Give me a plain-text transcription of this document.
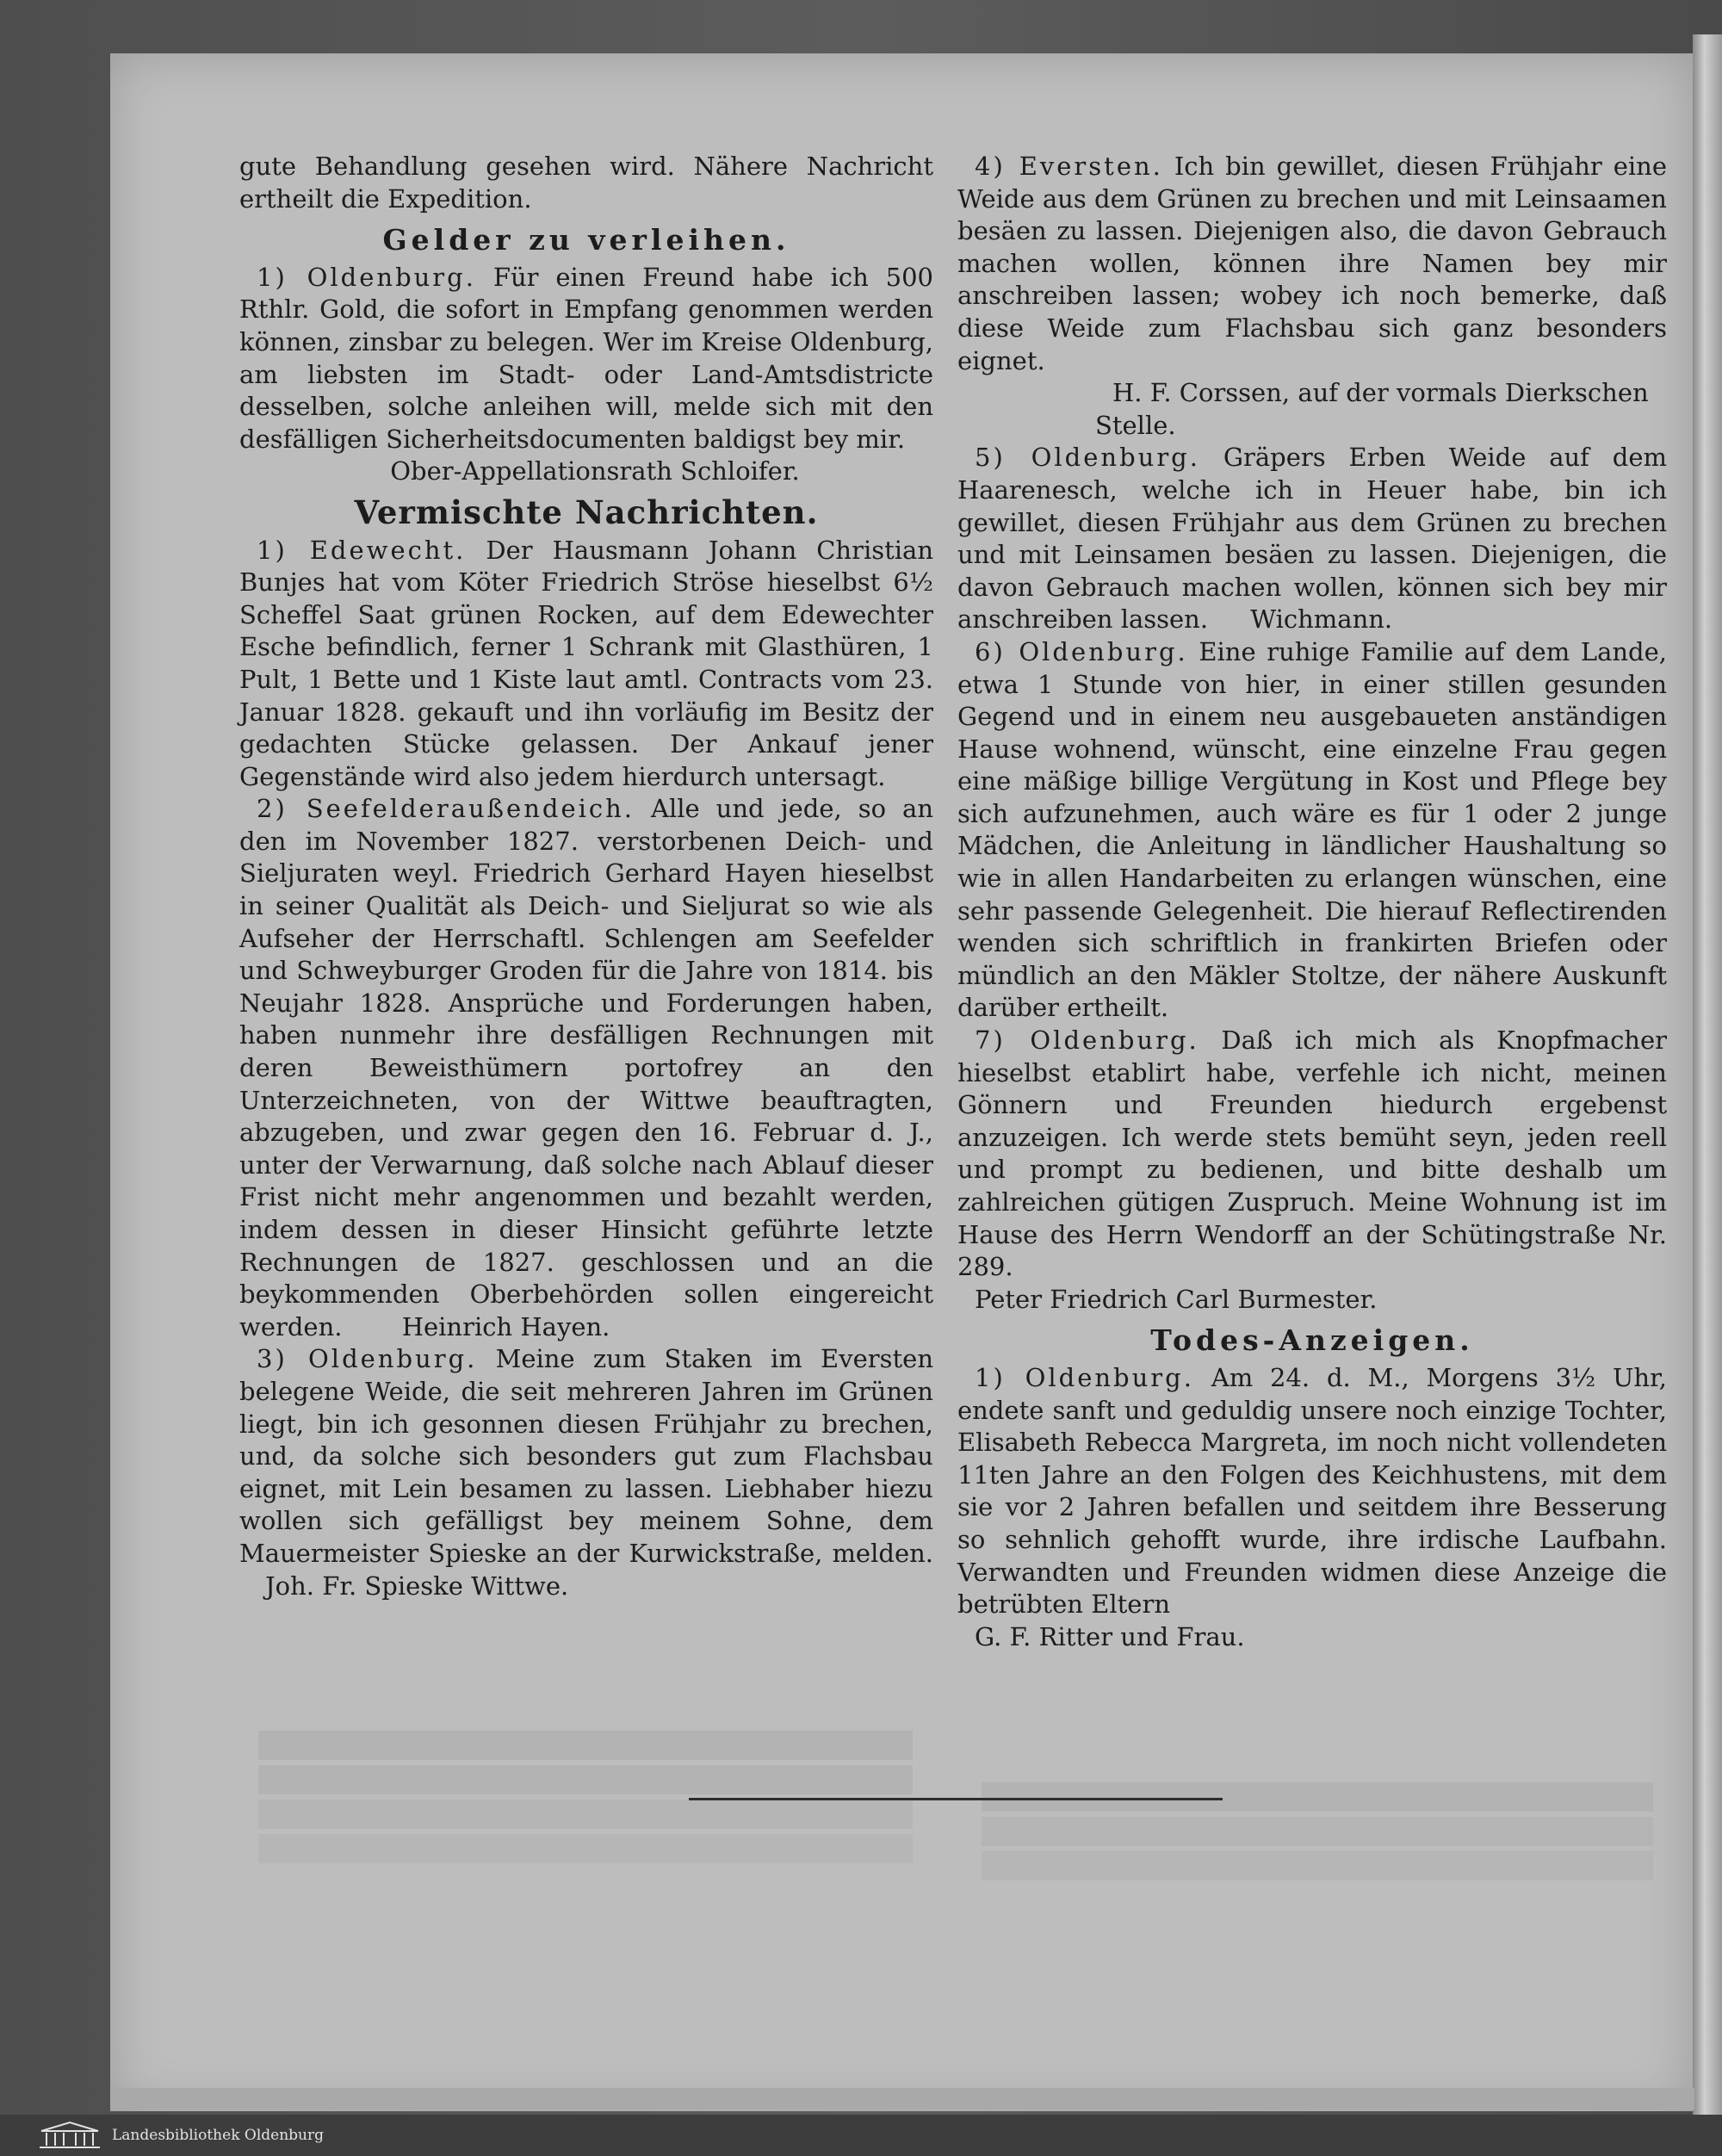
gute Behandlung gesehen wird. Nähere Nachricht ertheilt die Expedition.

Gelder zu verleihen.

1) Oldenburg. Für einen Freund habe ich 500 Rthlr. Gold, die sofort in Empfang genommen werden können, zinsbar zu belegen. Wer im Kreise Oldenburg, am liebsten im Stadt- oder Land-Amtsdistricte desselben, solche anleihen will, melde sich mit den desfälligen Sicherheitsdocumenten baldigst bey mir.

Ober-Appellationsrath Schloifer.

Vermischte Nachrichten.

1) Edewecht. Der Hausmann Johann Christian Bunjes hat vom Köter Friedrich Ströse hieselbst 6½ Scheffel Saat grünen Rocken, auf dem Edewechter Esche befindlich, ferner 1 Schrank mit Glasthüren, 1 Pult, 1 Bette und 1 Kiste laut amtl. Contracts vom 23. Januar 1828. gekauft und ihn vorläufig im Besitz der gedachten Stücke gelassen. Der Ankauf jener Gegenstände wird also jedem hierdurch untersagt.

2) Seefelderaußendeich. Alle und jede, so an den im November 1827. verstorbenen Deich- und Sieljuraten weyl. Friedrich Gerhard Hayen hieselbst in seiner Qualität als Deich- und Sieljurat so wie als Aufseher der Herrschaftl. Schlengen am Seefelder und Schweyburger Groden für die Jahre von 1814. bis Neujahr 1828. Ansprüche und Forderungen haben, haben nunmehr ihre desfälligen Rechnungen mit deren Beweisthümern portofrey an den Unterzeichneten, von der Wittwe beauftragten, abzugeben, und zwar gegen den 16. Februar d. J., unter der Verwarnung, daß solche nach Ablauf dieser Frist nicht mehr angenommen und bezahlt werden, indem dessen in dieser Hinsicht geführte letzte Rechnungen de 1827. geschlossen und an die beykommenden Oberbehörden sollen eingereicht werden. Heinrich Hayen.

3) Oldenburg. Meine zum Staken im Eversten belegene Weide, die seit mehreren Jahren im Grünen liegt, bin ich gesonnen diesen Frühjahr zu brechen, und, da solche sich besonders gut zum Flachsbau eignet, mit Lein besamen zu lassen. Liebhaber hiezu wollen sich gefälligst bey meinem Sohne, dem Mauermeister Spieske an der Kurwickstraße, melden. Joh. Fr. Spieske Wittwe.

4) Eversten. Ich bin gewillet, diesen Frühjahr eine Weide aus dem Grünen zu brechen und mit Leinsaamen besäen zu lassen. Diejenigen also, die davon Gebrauch machen wollen, können ihre Namen bey mir anschreiben lassen; wobey ich noch bemerke, daß diese Weide zum Flachsbau sich ganz besonders eignet.

H. F. Corssen, auf der vormals Dierkschen Stelle.

5) Oldenburg. Gräpers Erben Weide auf dem Haarenesch, welche ich in Heuer habe, bin ich gewillet, diesen Frühjahr aus dem Grünen zu brechen und mit Leinsamen besäen zu lassen. Diejenigen, die davon Gebrauch machen wollen, können sich bey mir anschreiben lassen. Wichmann.

6) Oldenburg. Eine ruhige Familie auf dem Lande, etwa 1 Stunde von hier, in einer stillen gesunden Gegend und in einem neu ausgebaueten anständigen Hause wohnend, wünscht, eine einzelne Frau gegen eine mäßige billige Vergütung in Kost und Pflege bey sich aufzunehmen, auch wäre es für 1 oder 2 junge Mädchen, die Anleitung in ländlicher Haushaltung so wie in allen Handarbeiten zu erlangen wünschen, eine sehr passende Gelegenheit. Die hierauf Reflectirenden wenden sich schriftlich in frankirten Briefen oder mündlich an den Mäkler Stoltze, der nähere Auskunft darüber ertheilt.

7) Oldenburg. Daß ich mich als Knopfmacher hieselbst etablirt habe, verfehle ich nicht, meinen Gönnern und Freunden hiedurch ergebenst anzuzeigen. Ich werde stets bemüht seyn, jeden reell und prompt zu bedienen, und bitte deshalb um zahlreichen gütigen Zuspruch. Meine Wohnung ist im Hause des Herrn Wendorff an der Schütingstraße Nr. 289.

Peter Friedrich Carl Burmester.

Todes-Anzeigen.

1) Oldenburg. Am 24. d. M., Morgens 3½ Uhr, endete sanft und geduldig unsere noch einzige Tochter, Elisabeth Rebecca Margreta, im noch nicht vollendeten 11ten Jahre an den Folgen des Keichhustens, mit dem sie vor 2 Jahren befallen und seitdem ihre Besserung so sehnlich gehofft wurde, ihre irdische Laufbahn. Verwandten und Freunden widmen diese Anzeige die betrübten Eltern

G. F. Ritter und Frau.

Landesbibliothek Oldenburg
